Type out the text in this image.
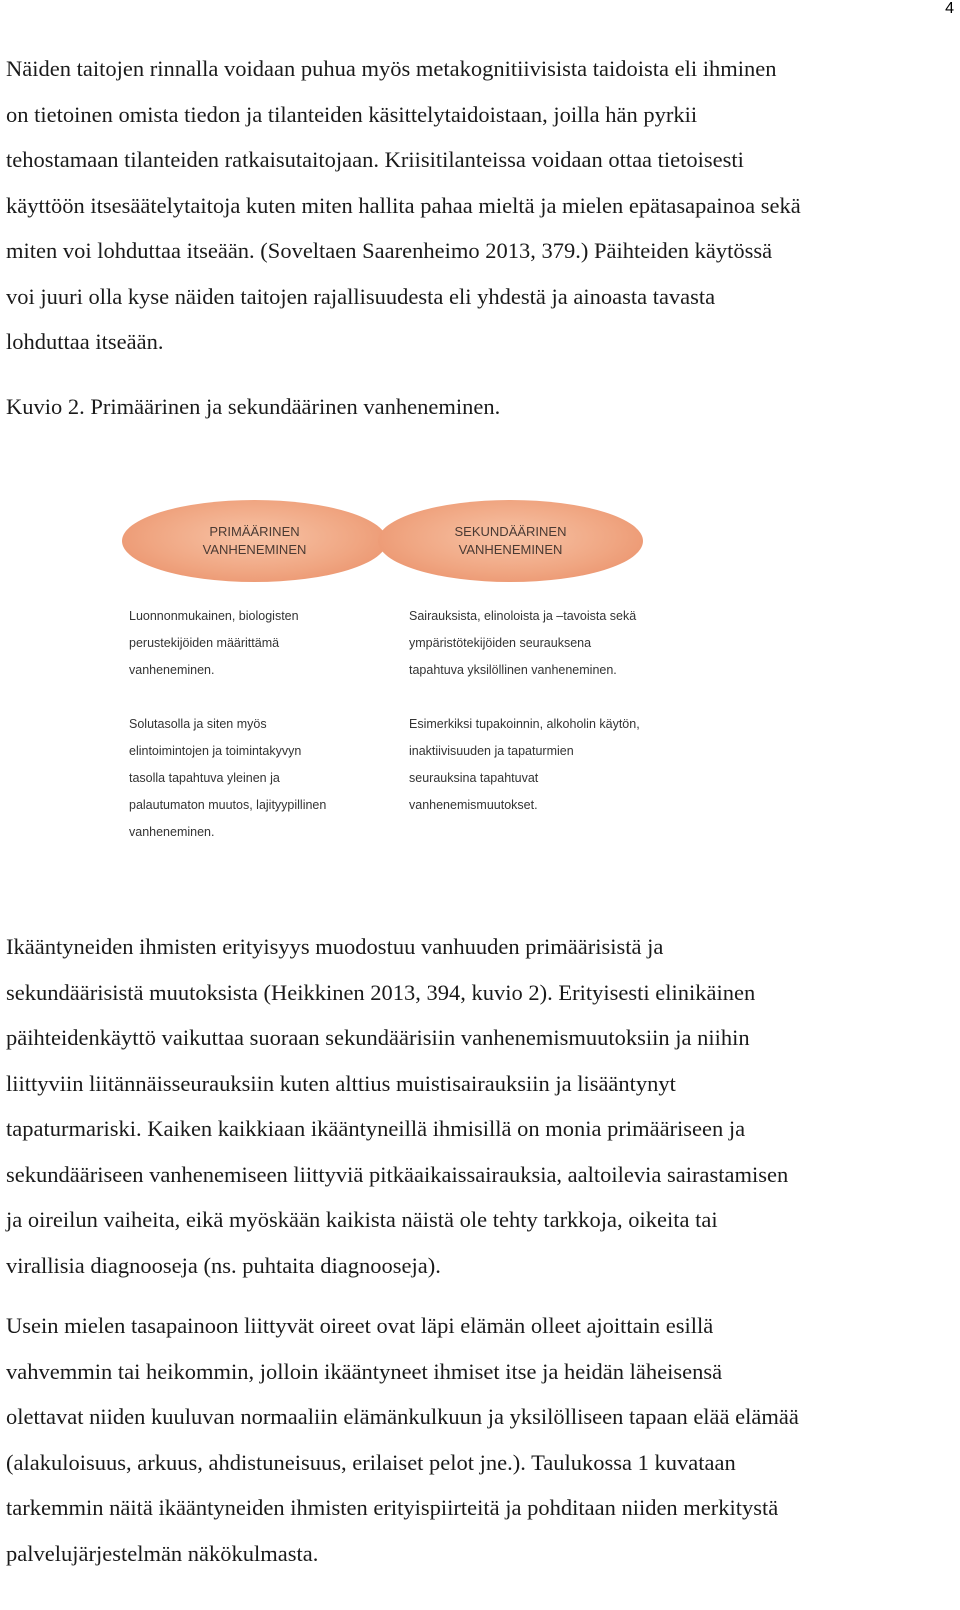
4
Näiden taitojen rinnalla voidaan puhua myös metakognitiivisista taidoista eli ihminen
on tietoinen omista tiedon ja tilanteiden käsittelytaidoistaan, joilla hän pyrkii
tehostamaan tilanteiden ratkaisutaitojaan. Kriisitilanteissa voidaan ottaa tietoisesti
käyttöön itsesäätelytaitoja kuten miten hallita pahaa mieltä ja mielen epätasapainoa sekä
miten voi lohduttaa itseään. (Soveltaen Saarenheimo 2013, 379.) Päihteiden käytössä
voi juuri olla kyse näiden taitojen rajallisuudesta eli yhdestä ja ainoasta tavasta
lohduttaa itseään.

Kuvio 2. Primäärinen ja sekundäärinen vanheneminen.

PRIMÄÄRINEN
VANHENEMINEN
SEKUNDÄÄRINEN
VANHENEMINEN
Luonnonmukainen, biologisten
perustekijöiden määrittämä
vanheneminen.
Solutasolla ja siten myös
elintoimintojen ja toimintakyvyn
tasolla tapahtuva yleinen ja
palautumaton muutos, lajityypillinen
vanheneminen.
Sairauksista, elinoloista ja –tavoista sekä
ympäristötekijöiden seurauksena
tapahtuva yksilöllinen vanheneminen.
Esimerkiksi tupakoinnin, alkoholin käytön,
inaktiivisuuden ja tapaturmien
seurauksina tapahtuvat
vanhenemismuutokset.
Ikääntyneiden ihmisten erityisyys muodostuu vanhuuden primäärisistä ja
sekundäärisistä muutoksista (Heikkinen 2013, 394, kuvio 2). Erityisesti elinikäinen
päihteidenkäyttö vaikuttaa suoraan sekundäärisiin vanhenemismuutoksiin ja niihin
liittyviin liitännäisseurauksiin kuten alttius muistisairauksiin ja lisääntynyt
tapaturmariski. Kaiken kaikkiaan ikääntyneillä ihmisillä on monia primääriseen ja
sekundääriseen vanhenemiseen liittyviä pitkäaikaissairauksia, aaltoilevia sairastamisen
ja oireilun vaiheita, eikä myöskään kaikista näistä ole tehty tarkkoja, oikeita tai
virallisia diagnooseja (ns. puhtaita diagnooseja).
Usein mielen tasapainoon liittyvät oireet ovat läpi elämän olleet ajoittain esillä
vahvemmin tai heikommin, jolloin ikääntyneet ihmiset itse ja heidän läheisensä
olettavat niiden kuuluvan normaaliin elämänkulkuun ja yksilölliseen tapaan elää elämää
(alakuloisuus, arkuus, ahdistuneisuus, erilaiset pelot jne.). Taulukossa 1 kuvataan
tarkemmin näitä ikääntyneiden ihmisten erityispiirteitä ja pohditaan niiden merkitystä
palvelujärjestelmän näkökulmasta.
